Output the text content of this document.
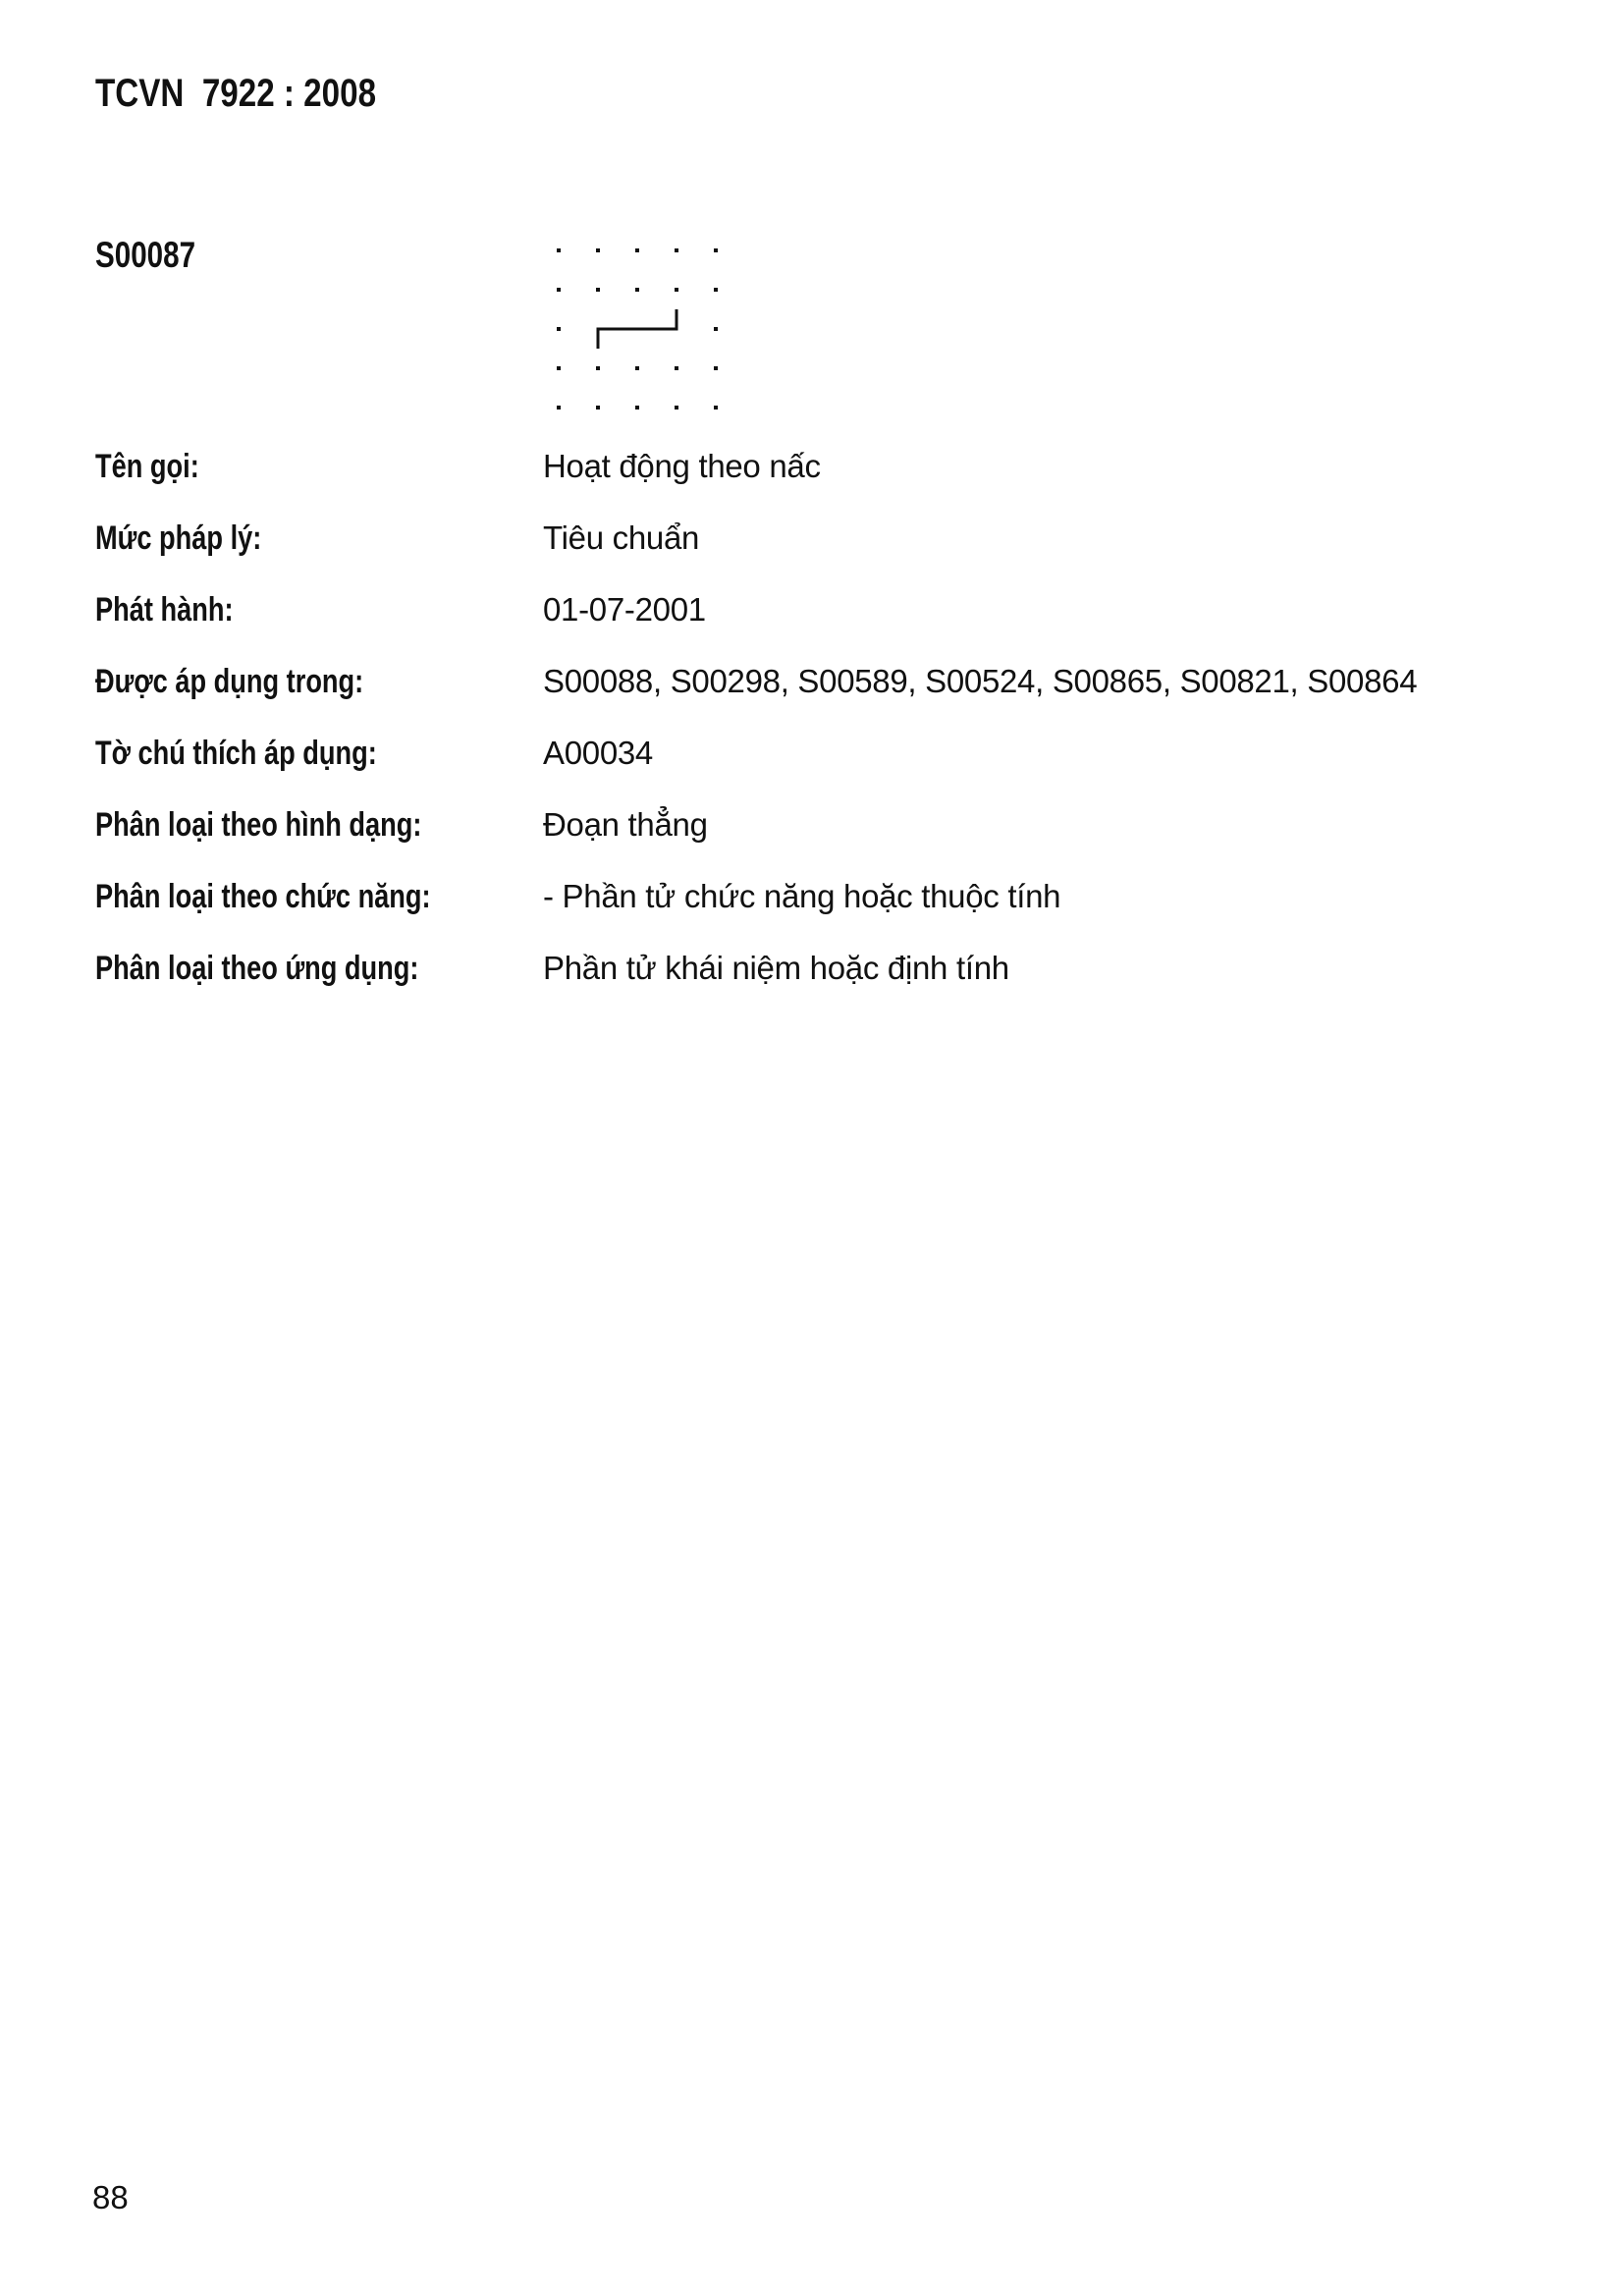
TCVN  7922 : 2008
S00087
Tên gọi:	Hoạt động theo nấc
Mức pháp lý:	Tiêu chuẩn
Phát hành:	01-07-2001
Được áp dụng trong:	S00088, S00298, S00589, S00524, S00865, S00821, S00864
Tờ chú thích áp dụng:	A00034
Phân loại theo hình dạng:	Đoạn thẳng
Phân loại theo chức năng:	- Phần tử chức năng hoặc thuộc tính
Phân loại theo ứng dụng:	Phần tử khái niệm hoặc định tính
88
